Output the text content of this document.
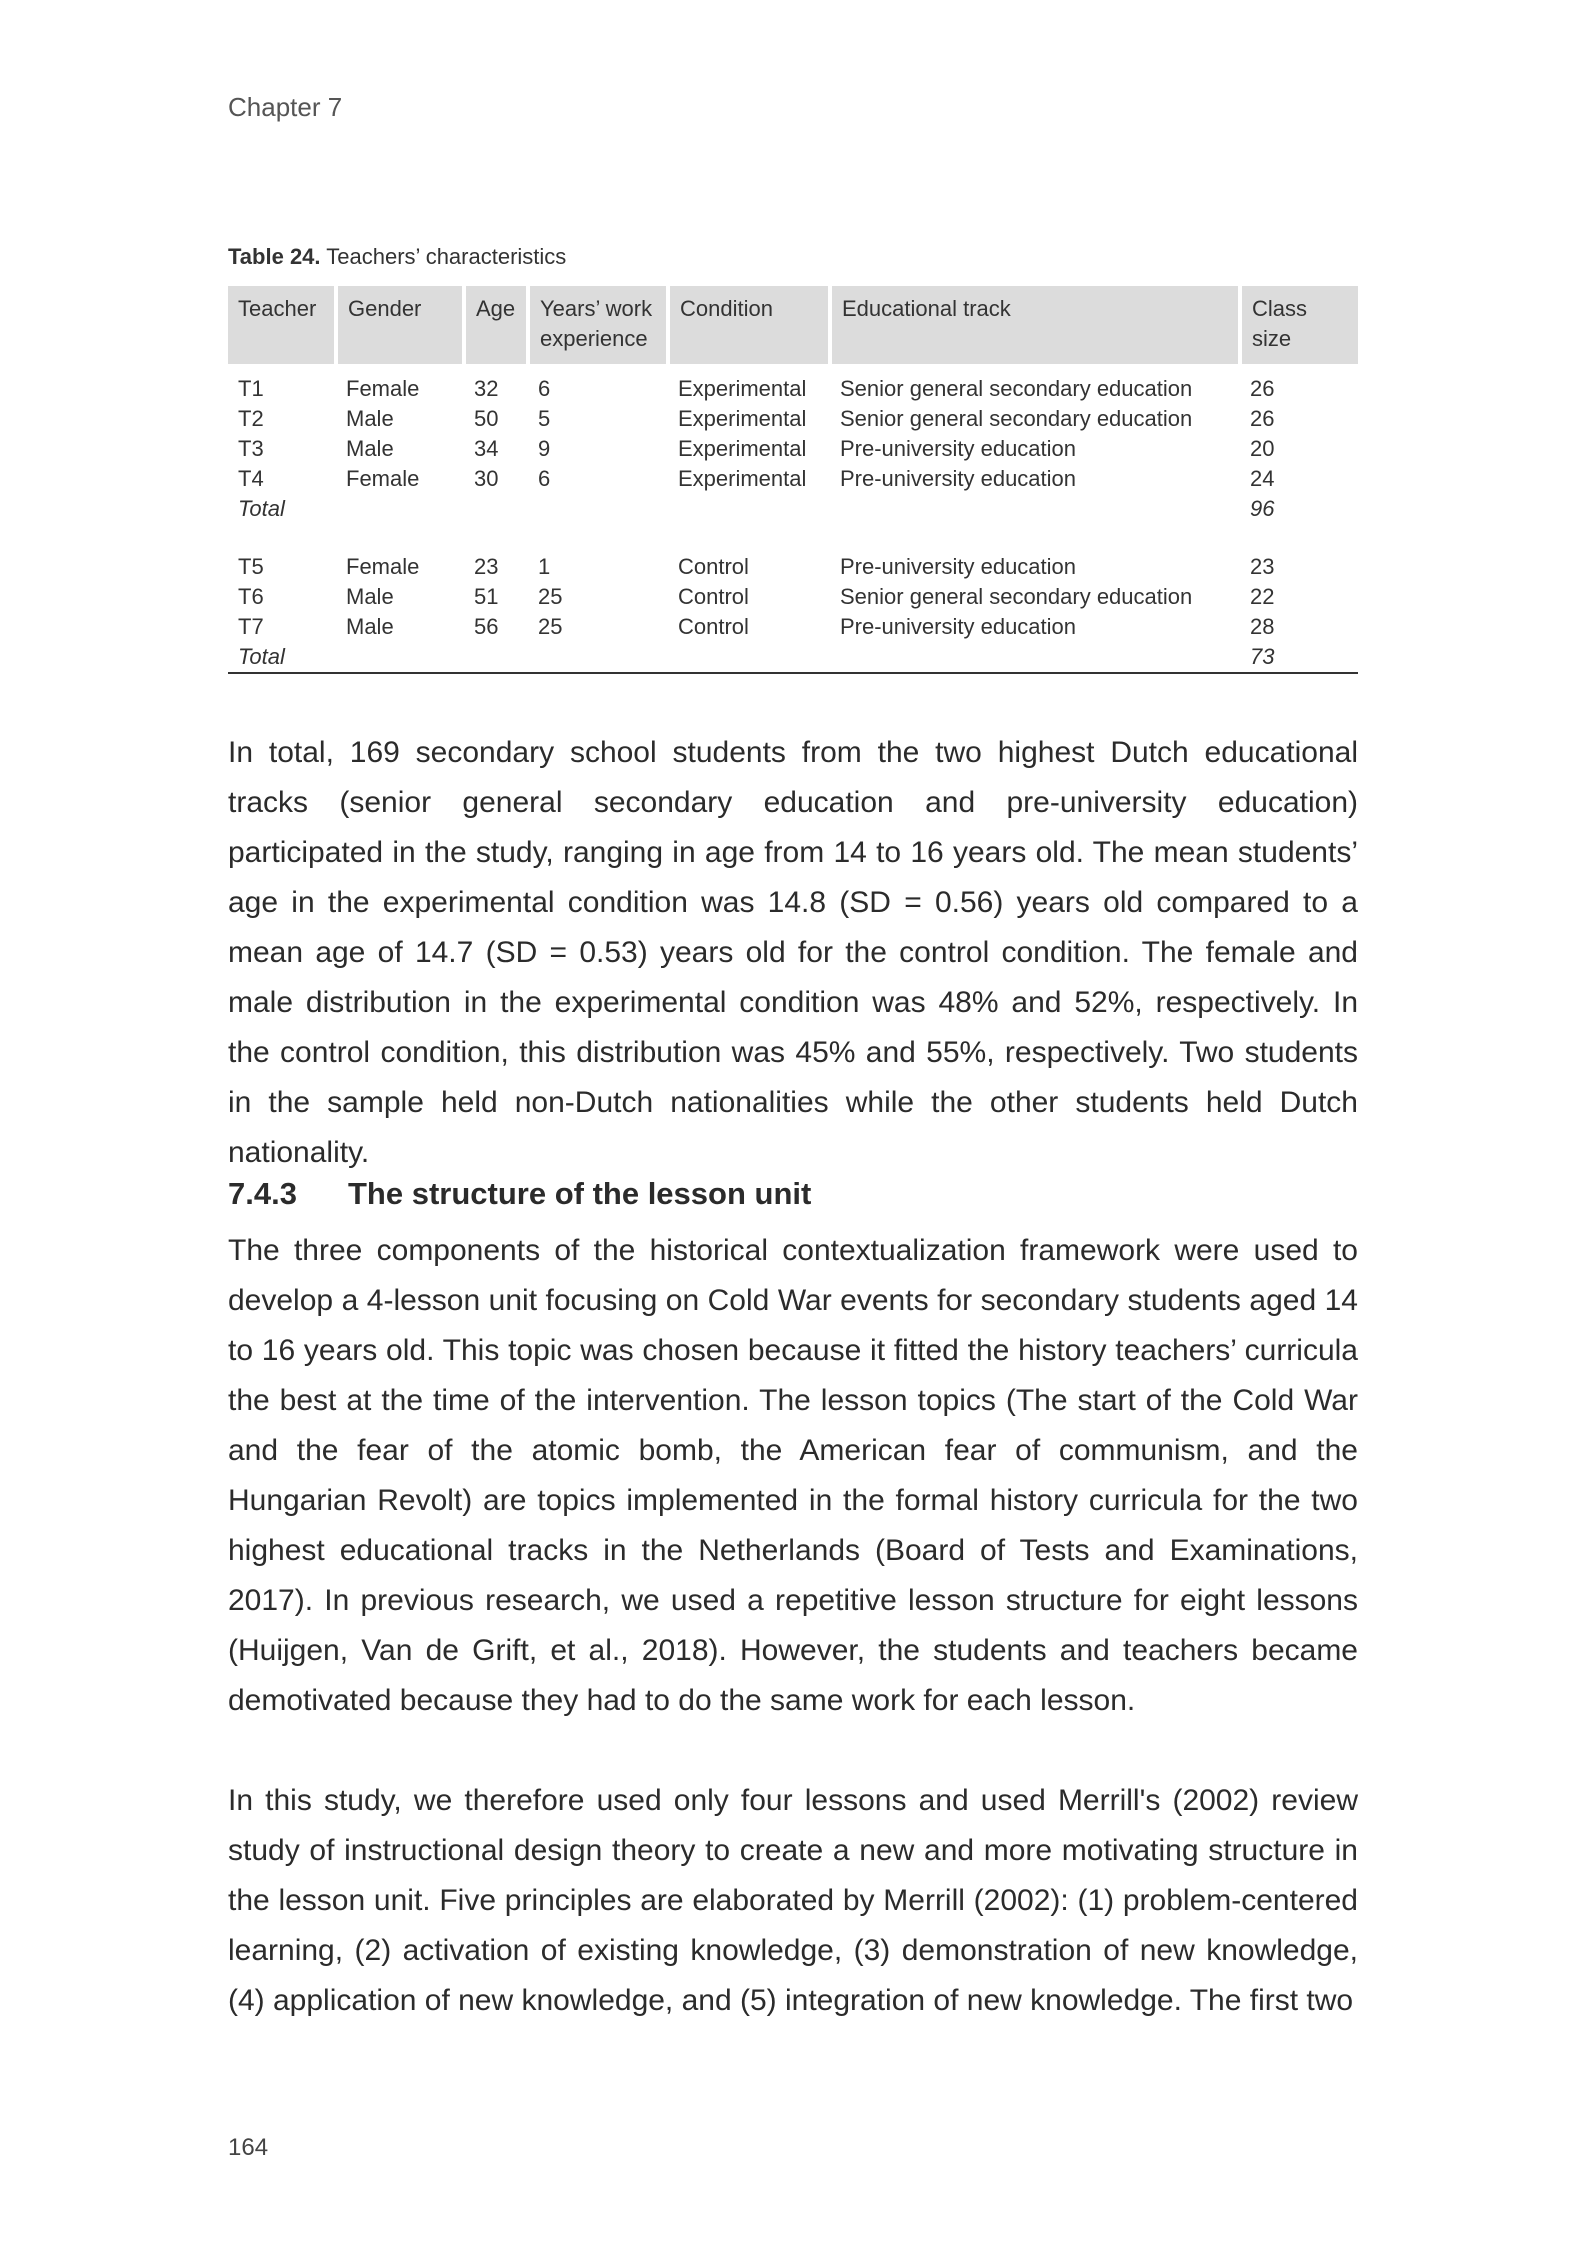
Chapter 7
Table 24. Teachers’ characteristics
Teacher	Gender	Age	Years’ work experience	Condition	Educational track	Class size
T1	Female	32	6	Experimental	Senior general secondary education	26
T2	Male	50	5	Experimental	Senior general secondary education	26
T3	Male	34	9	Experimental	Pre-university education	20
T4	Female	30	6	Experimental	Pre-university education	24
Total						96

T5	Female	23	1	Control	Pre-university education	23
T6	Male	51	25	Control	Senior general secondary education	22
T7	Male	56	25	Control	Pre-university education	28
Total						73

In total, 169 secondary school students from the two highest Dutch educational tracks (senior general secondary education and pre-university education) participated in the study, ranging in age from 14 to 16 years old. The mean students’ age in the experimental condition was 14.8 (SD = 0.56) years old compared to a mean age of 14.7 (SD = 0.53) years old for the control condition. The female and male distribution in the experimental condition was 48% and 52%, respectively. In the control condition, this distribution was 45% and 55%, respectively. Two students in the sample held non-Dutch nationalities while the other students held Dutch nationality.

7.4.3 The structure of the lesson unit

The three components of the historical contextualization framework were used to develop a 4-lesson unit focusing on Cold War events for secondary students aged 14 to 16 years old. This topic was chosen because it fitted the history teachers’ curricula the best at the time of the intervention. The lesson topics (The start of the Cold War and the fear of the atomic bomb, the American fear of communism, and the Hungarian Revolt) are topics implemented in the formal history curricula for the two highest educational tracks in the Netherlands (Board of Tests and Examinations, 2017). In previous research, we used a repetitive lesson structure for eight lessons (Huijgen, Van de Grift, et al., 2018). However, the students and teachers became demotivated because they had to do the same work for each lesson.

In this study, we therefore used only four lessons and used Merrill's (2002) review study of instructional design theory to create a new and more motivating structure in the lesson unit. Five principles are elaborated by Merrill (2002): (1) problem-centered learning, (2) activation of existing knowledge, (3) demonstration of new knowledge, (4) application of new knowledge, and (5) integration of new knowledge. The first two

164
